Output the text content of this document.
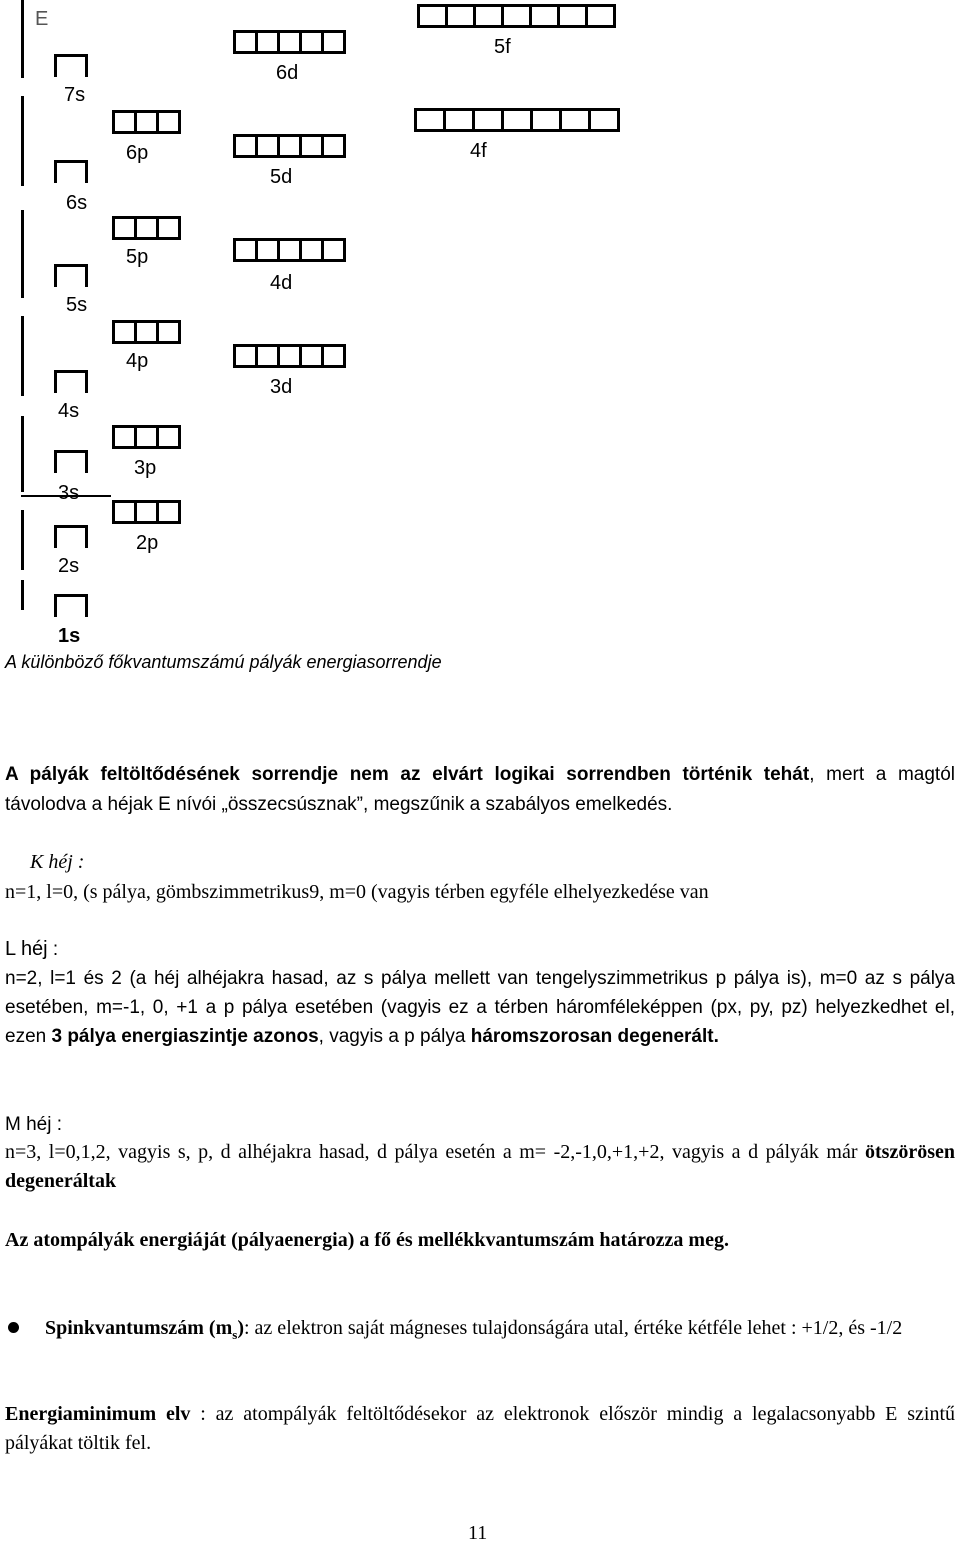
E
7s
6s
5s
4s
3s
2s
1s
6p
5p
4p
3p
2p
6d
5d
4d
3d
5f
4f
A különböző főkvantumszámú pályák energiasorrendje
A pályák feltöltődésének sorrendje nem az elvárt logikai sorrendben történik tehát, mert a magtól távolodva a héjak E nívói „összecsúsznak”, megszűnik a szabályos emelkedés.
K héj :
n=1, l=0, (s pálya, gömbszimmetrikus9, m=0 (vagyis térben egyféle elhelyezkedése van
L héj :
n=2, l=1 és 2 (a héj alhéjakra hasad, az s pálya mellett van tengelyszimmetrikus p pálya is), m=0 az s pálya esetében, m=-1, 0, +1 a p pálya esetében (vagyis ez a térben háromféleképpen (px, py, pz) helyezkedhet el, ezen 3 pálya energiaszintje azonos, vagyis a p pálya háromszorosan degenerált.
M héj :
n=3, l=0,1,2, vagyis s, p, d alhéjakra hasad, d pálya esetén a m= -2,-1,0,+1,+2, vagyis a d pályák már ötszörösen degeneráltak
Az atompályák energiáját (pályaenergia) a fő és mellékkvantumszám határozza meg.
Spinkvantumszám $(m_s)$: az elektron saját mágneses tulajdonságára utal, értéke kétféle lehet : +1/2, és -1/2
Energiaminimum elv : az atompályák feltöltődésekor az elektronok először mindig a legalacsonyabb E szintű pályákat töltik fel.
11
